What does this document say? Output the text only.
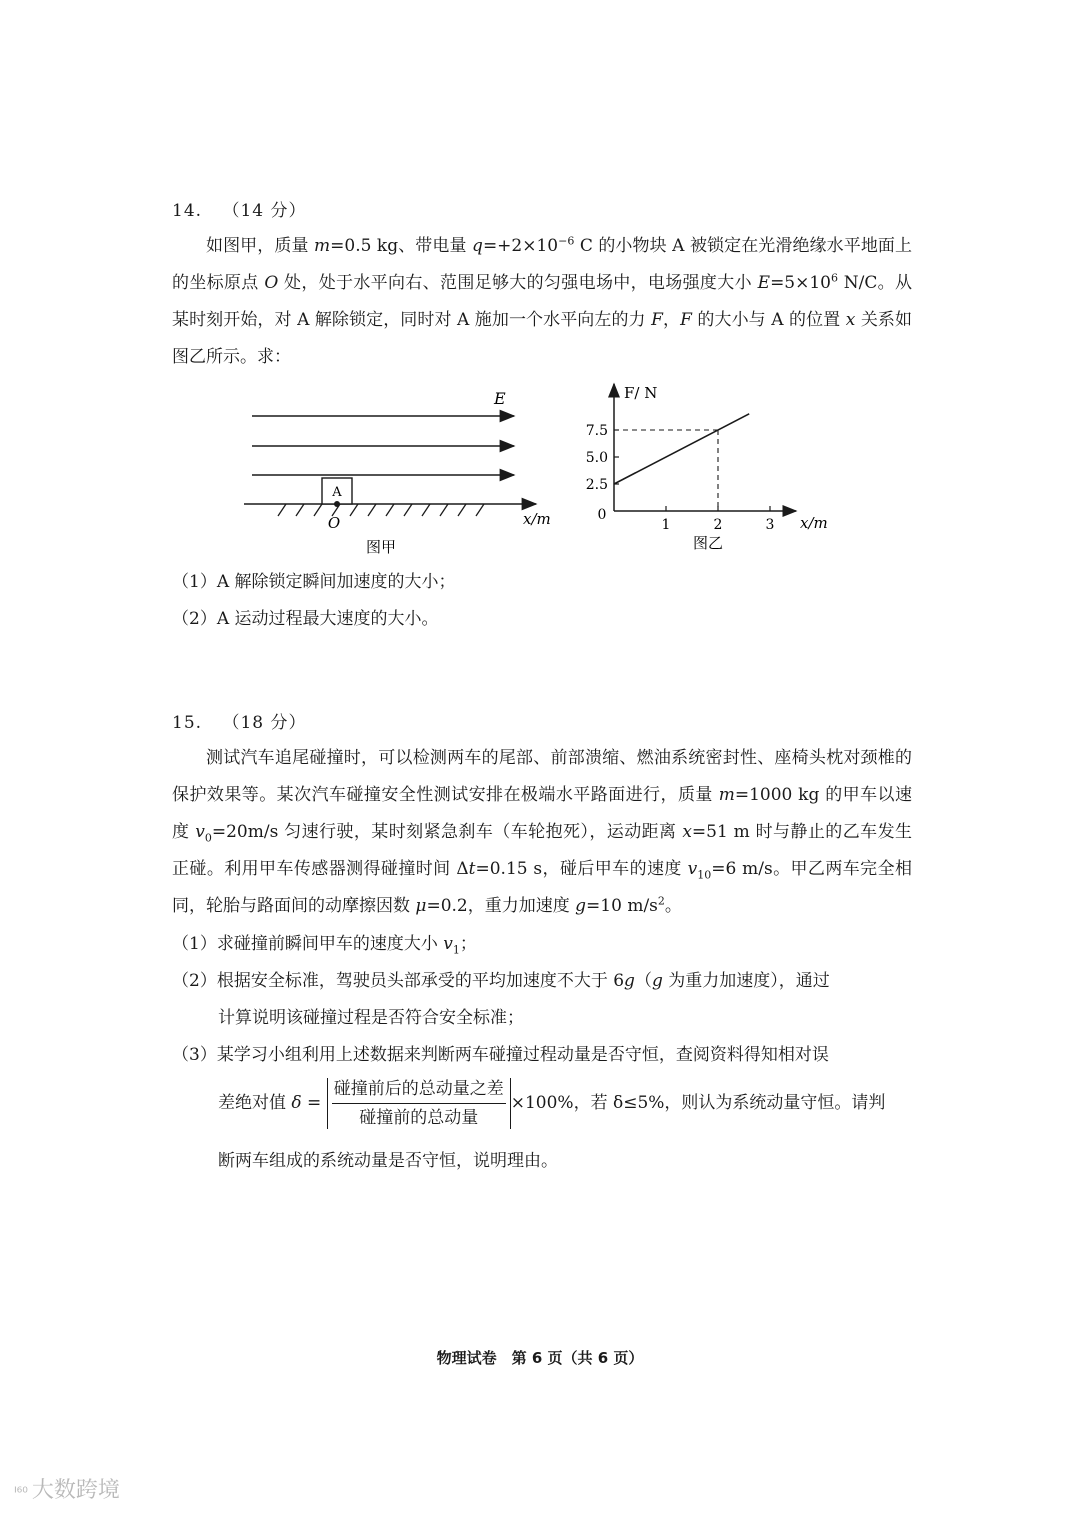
14. （14 分）

如图甲，质量 m=0.5 kg、带电量 $q=+2\times 10^{-6}$ C 的小物块 A 被锁定在光滑绝缘水平地面上的坐标原点 O 处，处于水平向右、范围足够大的匀强电场中，电场强度大小 $E=5\times 10^6$ N/C。从某时刻开始，对 A 解除锁定，同时对 A 施加一个水平向左的力 F，F 的大小与 A 的位置 x 关系如图乙所示。求：

E
A
O	x/m
图甲
F/ N
x/m
0
图乙
1	2	3
2.5
5.0
7.5
（1）A 解除锁定瞬间加速度的大小；
（2）A 运动过程最大速度的大小。
15. （18 分）

测试汽车追尾碰撞时，可以检测两车的尾部、前部溃缩、燃油系统密封性、座椅头枕对颈椎的保护效果等。某次汽车碰撞安全性测试安排在极端水平路面进行，质量 m=1000 kg 的甲车以速度 $v_0=20m/s$ 匀速行驶，某时刻紧急刹车（车轮抱死），运动距离 x=51 m 时与静止的乙车发生正碰。利用甲车传感器测得碰撞时间 Δt=0.15 s，碰后甲车的速度 $v_{10}=6$ m/s。甲乙两车完全相同，轮胎与路面间的动摩擦因数 μ=0.2，重力加速度 g=10 $m/s^2$。

（1）求碰撞前瞬间甲车的速度大小 $v_1$；
（2）根据安全标准，驾驶员头部承受的平均加速度不大于 6g（g 为重力加速度），通过
计算说明该碰撞过程是否符合安全标准；
（3）某学习小组利用上述数据来判断两车碰撞过程动量是否守恒，查阅资料得知相对误
差绝对值 $\delta = \frac{\text{碰撞前后的总动量之差}}{\text{碰撞前的总动量}} \times 100\%$，若 δ≤5%，则认为系统动量守恒。请判
断两车组成的系统动量是否守恒，说明理由。
物理试卷　第 6 页（共 6 页）
ᑊ⁶⁰ 大数跨境
